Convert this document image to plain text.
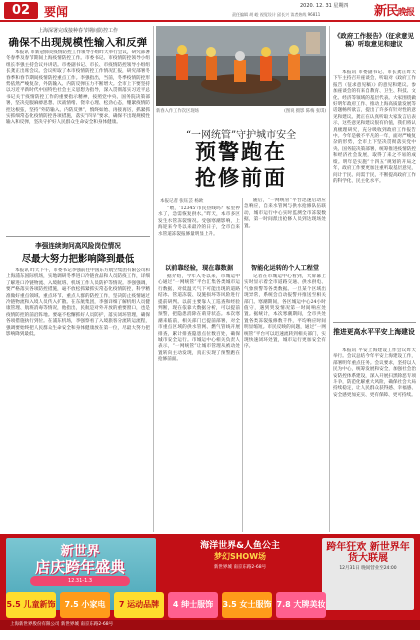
02	要闻	责任编辑 胡 峻 视觉设计 邱长兴 读者热线 96811
2020. 12. 31 星期四 新民晚报
上海深署完成接种春节期间防控工作
确保不出现规模性输入和反弹
本报讯 市新冠肺炎疫情防控工作领导小组昨天举行会议，研究部署冬春季及春节期间上海疫情防控工作。市委书记、市疫情防控领导小组组长李强主持会议并讲话。市委副书记、市长、市疫情防控领导小组组长龚正出席会议。会议听取了本市疫情防控工作情况汇报，研究部署冬春季和春节期间疫情防控重点工作。李强指出，当前，冬季疫情防控形势依然严峻复杂，外防输入、内防反弹压力不断增大。全市上下要坚持以习近平新时代中国特色社会主义思想为指导，深入贯彻落实习近平总书记关于疫情防控工作的重要指示精神，按照党中央、国务院决策部署，坚决克服麻痹思想、厌战情绪、侥幸心理、松劲心态，绷紧疫情防控这根弦，坚持“外防输入、内防反弹”，慎终如始、再接再厉，抓紧抓实抓细常态化疫情防控各项措施，落实“四早”要求，确保不出现规模性输入和反弹，坚决守护好人民群众生命安全和身体健康。
李强连续询问高风险岗位情况
尽最大努力把影响降到最低
本报讯 昨天下午，市委书记李强前往中国东方航空集团有限公司和上海浦东国际机场，实地调研冬季进口冷链食品和人员防疫工作，详细了解进口冷链物流、入境航班、机场工作人员防护等情况。李强强调，要严格落实各项防控措施，毫不放松抓紧抓实常态化疫情防控，科学精准做好重点领域、重点环节、重点人群的防控工作，坚决防止疫情通过冷链物流和入境人员传入扩散。在东航集团，李强详细了解机组人员健康管理、航班消毒等情况，他指出，民航是对外开放的重要窗口，也是疫情防控的前沿阵地。要毫不松懈抓好人员防护，落实闭环管理，确保各项措施执行到位。在浦东机场，李强察看了入境旅客分流转运流程，强调要始终把人民群众生命安全和身体健康放在第一位，尽最大努力把影响降到最低。
新春入作工作次区现场	(图说 摄影 陈梅 张琪)
“一网统管”守护城市安全
预警跑在
抢修前面
本报记者 张钰芸 杨欧
“喂，‘12345’市民热线吗？家里停水了，急需恢复供水。”昨天，本市多区发生水管冻裂情况。受强寒潮影响，上海迎来今冬以来最冷的日子，全市自来水管道冻裂报修量明显上升。
随后，“一网统管”平台迅速启动应急响应，自来水管网与供水抢修队伍联动，城市运行中心实时监测全市冻裂数据，第一时间派出抢修人员到达现场处置。
以前靠经验，现在靠数据	智能化运转的个人工程堂
据介绍，今年入冬以来，市城运中心通过“一网统管”平台汇集各类城市运行数据，对低温天气下可能出现的道路结冰、管道冻裂、设施损坏等风险进行提前研判。以前主要靠人工巡查和经验判断，现在依靠大数据分析，可以提前预警，把隐患消除在萌芽状态。本次寒潮来临前，相关部门已提前部署，对全市重点区域的供水管网、燃气管线开展排查，累计排查隐患点位数百处，确保城市安全运行。市城运中心相关负责人表示，“一网统管”让城市管理从被动处置转向主动发现，真正实现了预警跑在抢修前面。
记者在市城运中心看到，大屏幕上实时显示着全市道路交通、供水供电、气象预警等各类数据。一旦某个区域出现异常，系统会自动报警并推送至相关部门。寒潮期间，各区城运中心24小时值守，遇到突发情况第一时间响应处置。据统计，本次寒潮期间，全市共处置各类冻裂报修数千件，平均响应时间明显缩短。市民反映的问题，通过“一网统管”平台可以迅速流转到相关部门，实现快速闭环处置，城市运行更加安全有序。
《政府工作报告》（征求意见稿）听取意见和建议
本报讯 市委副书记、市长龚正昨天下午主持召开座谈会，听取对《政府工作报告（征求意见稿）》的意见和建议。参加座谈会的有来自教育、卫生、科技、文化、经济等领域的基层代表。大家围绕做好明年政府工作、推动上海高质量发展等话题畅所欲言，提出了许多有针对性的意见和建议。龚正在认真听取大家发言后表示，这些意见和建议很有价值，我们将认真梳理研究，充分吸收到政府工作报告中。今年是极不平凡的一年，面对严峻复杂的形势，全市上下坚决贯彻落实党中央、国务院决策部署，统筹推进疫情防控和经济社会发展，取得了来之不易的成绩。明年是实施“十四五”规划的开局之年，政府工作要更加注重听取基层意见，问计于民、问需于民，不断提高政府工作的科学化、民主化水平。
推进更高水平平安上海建设
本报讯 平安上海建设工作会议昨天举行。会议总结今年平安上海建设工作，部署明年重点任务。会议要求，坚持以人民为中心，统筹发展和安全，加强社会治安防控体系建设，深入开展扫黑除恶专项斗争，防范化解重大风险，确保社会大局持续稳定，让人民群众获得感、幸福感、安全感更加充实、更有保障、更可持续。
新世界
店庆跨年盛典
12.31-1.3
海洋世界&人鱼公主
梦幻SHOW场
新世界城 南京东路2-68号
跨年狂欢 新世界年货大联展
12月31日 晚间营业至24:00
5.5 儿童新饰	7.5 小家电	7 运动品牌	4 绅士服饰	3.5 女士服饰 7.8 大牌美妆
上海新世界股份有限公司 新世界城 南京东路2-68号
